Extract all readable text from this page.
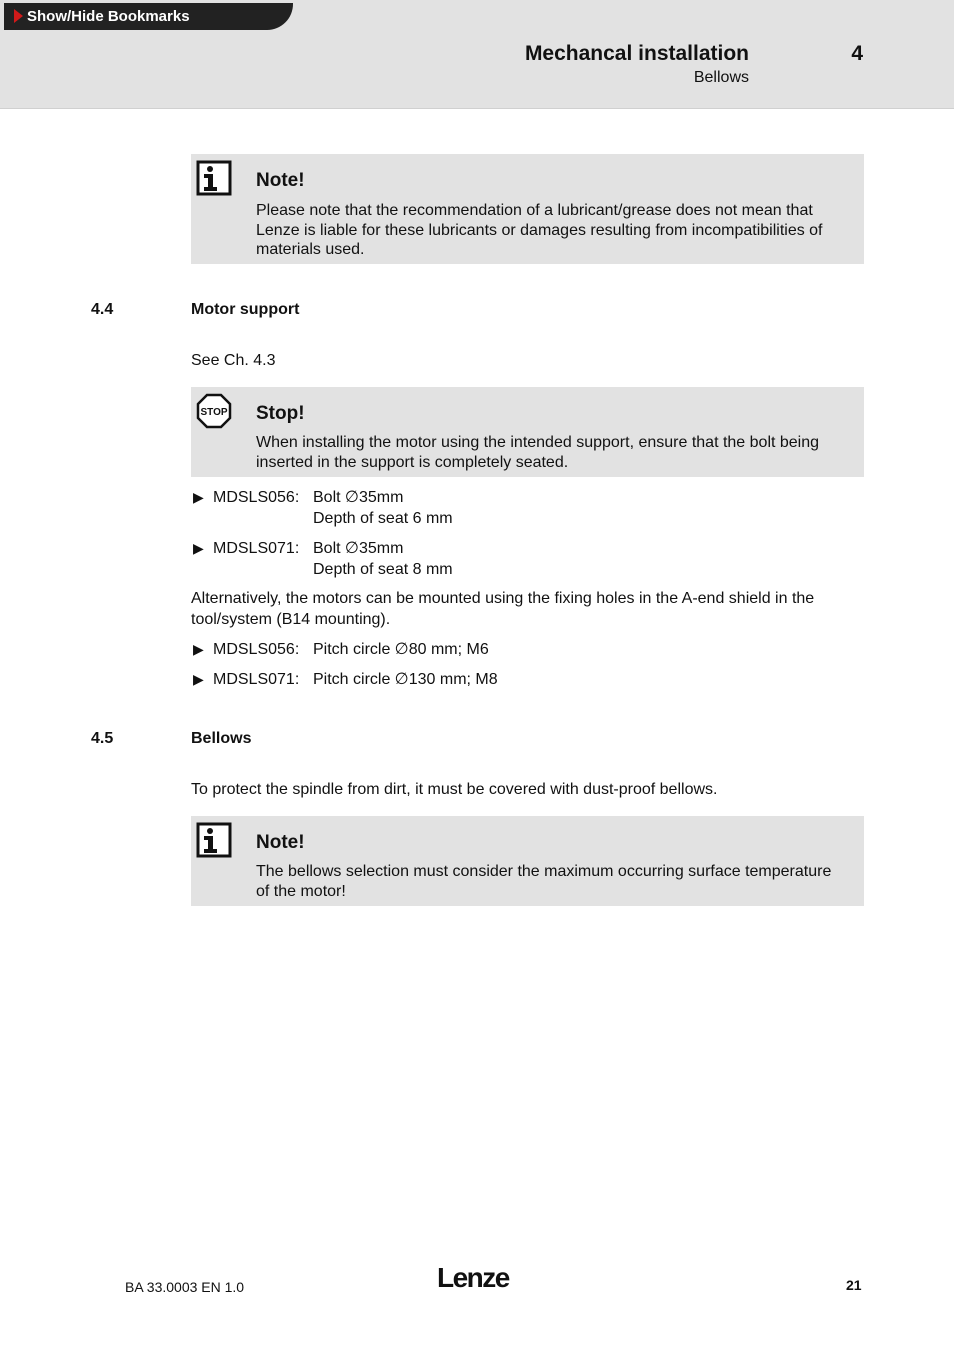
Show/Hide Bookmarks
Mechancal installation
Bellows
4
Note!
Please note that the recommendation of a lubricant/grease does not mean that Lenze is liable for these lubricants or damages resulting from incompatibilities of materials used.
4.4	Motor support
See Ch. 4.3
STOP Stop!
When installing the motor using the intended support, ensure that the bolt being inserted in the support is completely seated.
▶ MDSLS056: Bolt ∅35mm
Depth of seat 6 mm
▶ MDSLS071: Bolt ∅35mm
Depth of seat 8 mm
Alternatively, the motors can be mounted using the fixing holes in the A-end shield in the tool/system (B14 mounting).
▶ MDSLS056: Pitch circle ∅80 mm; M6
▶ MDSLS071: Pitch circle ∅130 mm; M8
4.5	Bellows
To protect the spindle from dirt, it must be covered with dust-proof bellows.
Note!
The bellows selection must consider the maximum occurring surface temperature of the motor!
BA 33.0003 EN 1.0	Lenze	21
